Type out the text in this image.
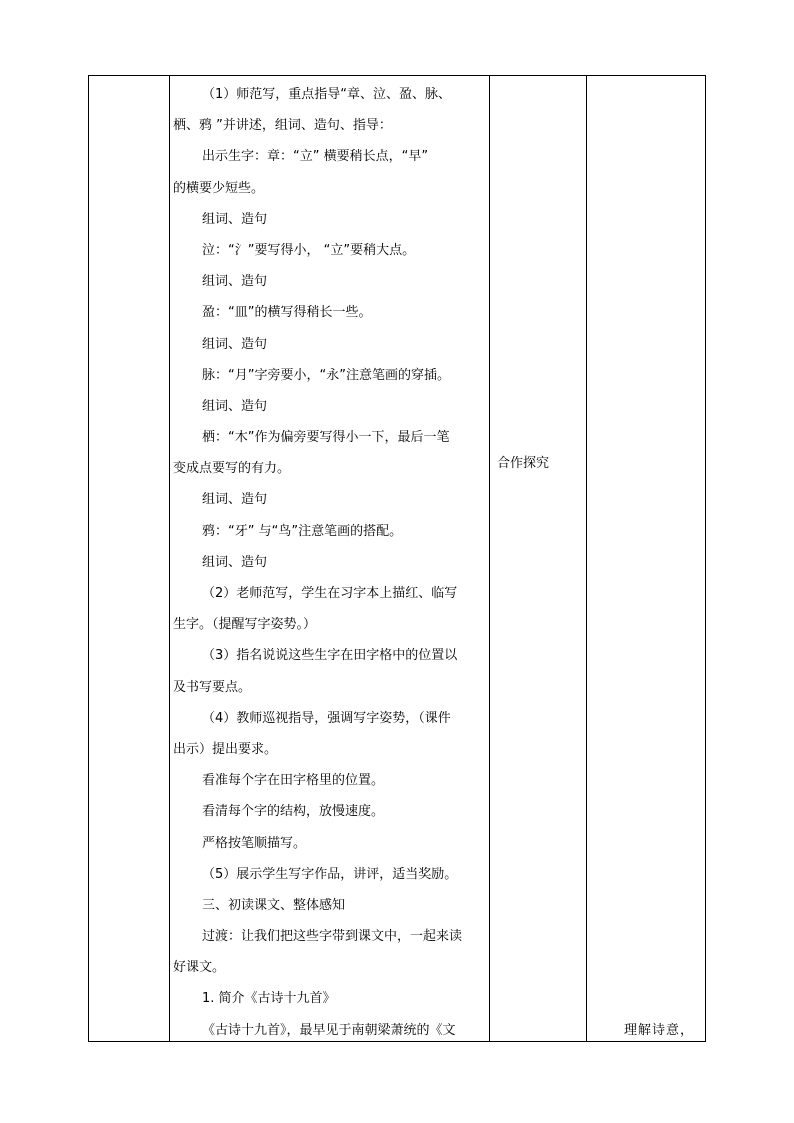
（1）师范写，重点指导“章、泣、盈、脉、
栖、鸦 ”并讲述，组词、造句、指导：
出示生字：章：“立” 横要稍长点，“早”
的横要少短些。
组词、造句
泣：“氵”要写得小， “立”要稍大点。
组词、造句
盈：“皿”的横写得稍长一些。
组词、造句
脉：“月”字旁要小，“永”注意笔画的穿插。
组词、造句
栖：“木”作为偏旁要写得小一下，最后一笔
变成点要写的有力。
组词、造句
鸦：“牙” 与“鸟”注意笔画的搭配。
组词、造句
（2）老师范写，学生在习字本上描红、临写
生字。（提醒写字姿势。）
（3）指名说说这些生字在田字格中的位置以
及书写要点。
（4）教师巡视指导，强调写字姿势，（课件
出示）提出要求。
看准每个字在田字格里的位置。
看清每个字的结构，放慢速度。
严格按笔顺描写。
（5）展示学生写字作品，讲评，适当奖励。
三、初读课文、整体感知
过渡：让我们把这些字带到课文中，一起来读
好课文。
1. 简介《古诗十九首》
《古诗十九首》，最早见于南朝梁萧统的《文
合作探究
理解诗意，
